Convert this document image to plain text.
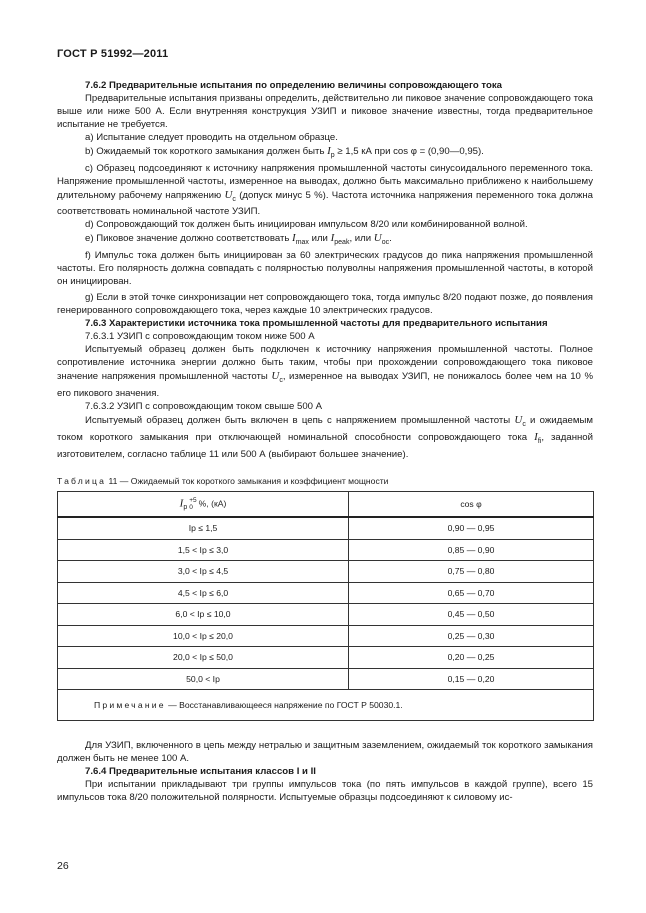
ГОСТ Р 51992—2011

7.6.2 Предварительные испытания по определению величины сопровождающего тока

Предварительные испытания призваны определить, действительно ли пиковое значение сопровождающего тока выше или ниже 500 А. Если внутренняя конструкция УЗИП и пиковое значение известны, тогда предварительное испытание не требуется.

a) Испытание следует проводить на отдельном образце.

b) Ожидаемый ток короткого замыкания должен быть $I_p \ge 1,5$ кА при cos φ = (0,90—0,95).

c) Образец подсоединяют к источнику напряжения промышленной частоты синусоидального переменного тока. Напряжение промышленной частоты, измеренное на выводах, должно быть максимально приближено к наибольшему длительному рабочему напряжению $U_c$ (допуск минус 5 %). Частота источника напряжения переменного тока должна соответствовать номинальной частоте УЗИП.

d) Сопровождающий ток должен быть инициирован импульсом 8/20 или комбинированной волной.

e) Пиковое значение должно соответствовать $I_{max}$ или $I_{peak}$, или $U_{oc}$.

f) Импульс тока должен быть инициирован за 60 электрических градусов до пика напряжения промышленной частоты. Его полярность должна совпадать с полярностью полуволны напряжения промышленной частоты, в которой он инициирован.

g) Если в этой точке синхронизации нет сопровождающего тока, тогда импульс 8/20 подают позже, до появления генерированного сопровождающего тока, через каждые 10 электрических градусов.

7.6.3 Характеристики источника тока промышленной частоты для предварительного испытания

7.6.3.1 УЗИП с сопровождающим током ниже 500 А

Испытуемый образец должен быть подключен к источнику напряжения промышленной частоты. Полное сопротивление источника энергии должно быть таким, чтобы при прохождении сопровождающего тока пиковое значение напряжения промышленной частоты $U_c$, измеренное на выводах УЗИП, не понижалось более чем на 10 % его пикового значения.

7.6.3.2 УЗИП с сопровождающим током свыше 500 А

Испытуемый образец должен быть включен в цепь с напряжением промышленной частоты $U_c$ и ожидаемым током короткого замыкания при отключающей номинальной способности сопровождающего тока $I_{fi}$, заданной изготовителем, согласно таблице 11 или 500 А (выбирают большее значение).

Таблица 11 — Ожидаемый ток короткого замыкания и коэффициент мощности
$I_p+5$
0 %, (кА)	cos φ
Ip ≤ 1,5	0,90 — 0,95
1,5 < Ip ≤ 3,0	0,85 — 0,90
3,0 < Ip ≤ 4,5	0,75 — 0,80
4,5 < Ip ≤ 6,0	0,65 — 0,70
6,0 < Ip ≤ 10,0	0,45 — 0,50
10,0 < Ip ≤ 20,0	0,25 — 0,30
20,0 < Ip ≤ 50,0	0,20 — 0,25
50,0 < Ip	0,15 — 0,20
Примечание — Восстанавливающееся напряжение по ГОСТ Р 50030.1.	

Для УЗИП, включенного в цепь между нетралью и защитным заземлением, ожидаемый ток короткого замыкания должен быть не менее 100 А.

7.6.4 Предварительные испытания классов I и II

При испытании прикладывают три группы импульсов тока (по пять импульсов в каждой группе), всего 15 импульсов тока 8/20 положительной полярности. Испытуемые образцы подсоединяют к силовому ис-

26
